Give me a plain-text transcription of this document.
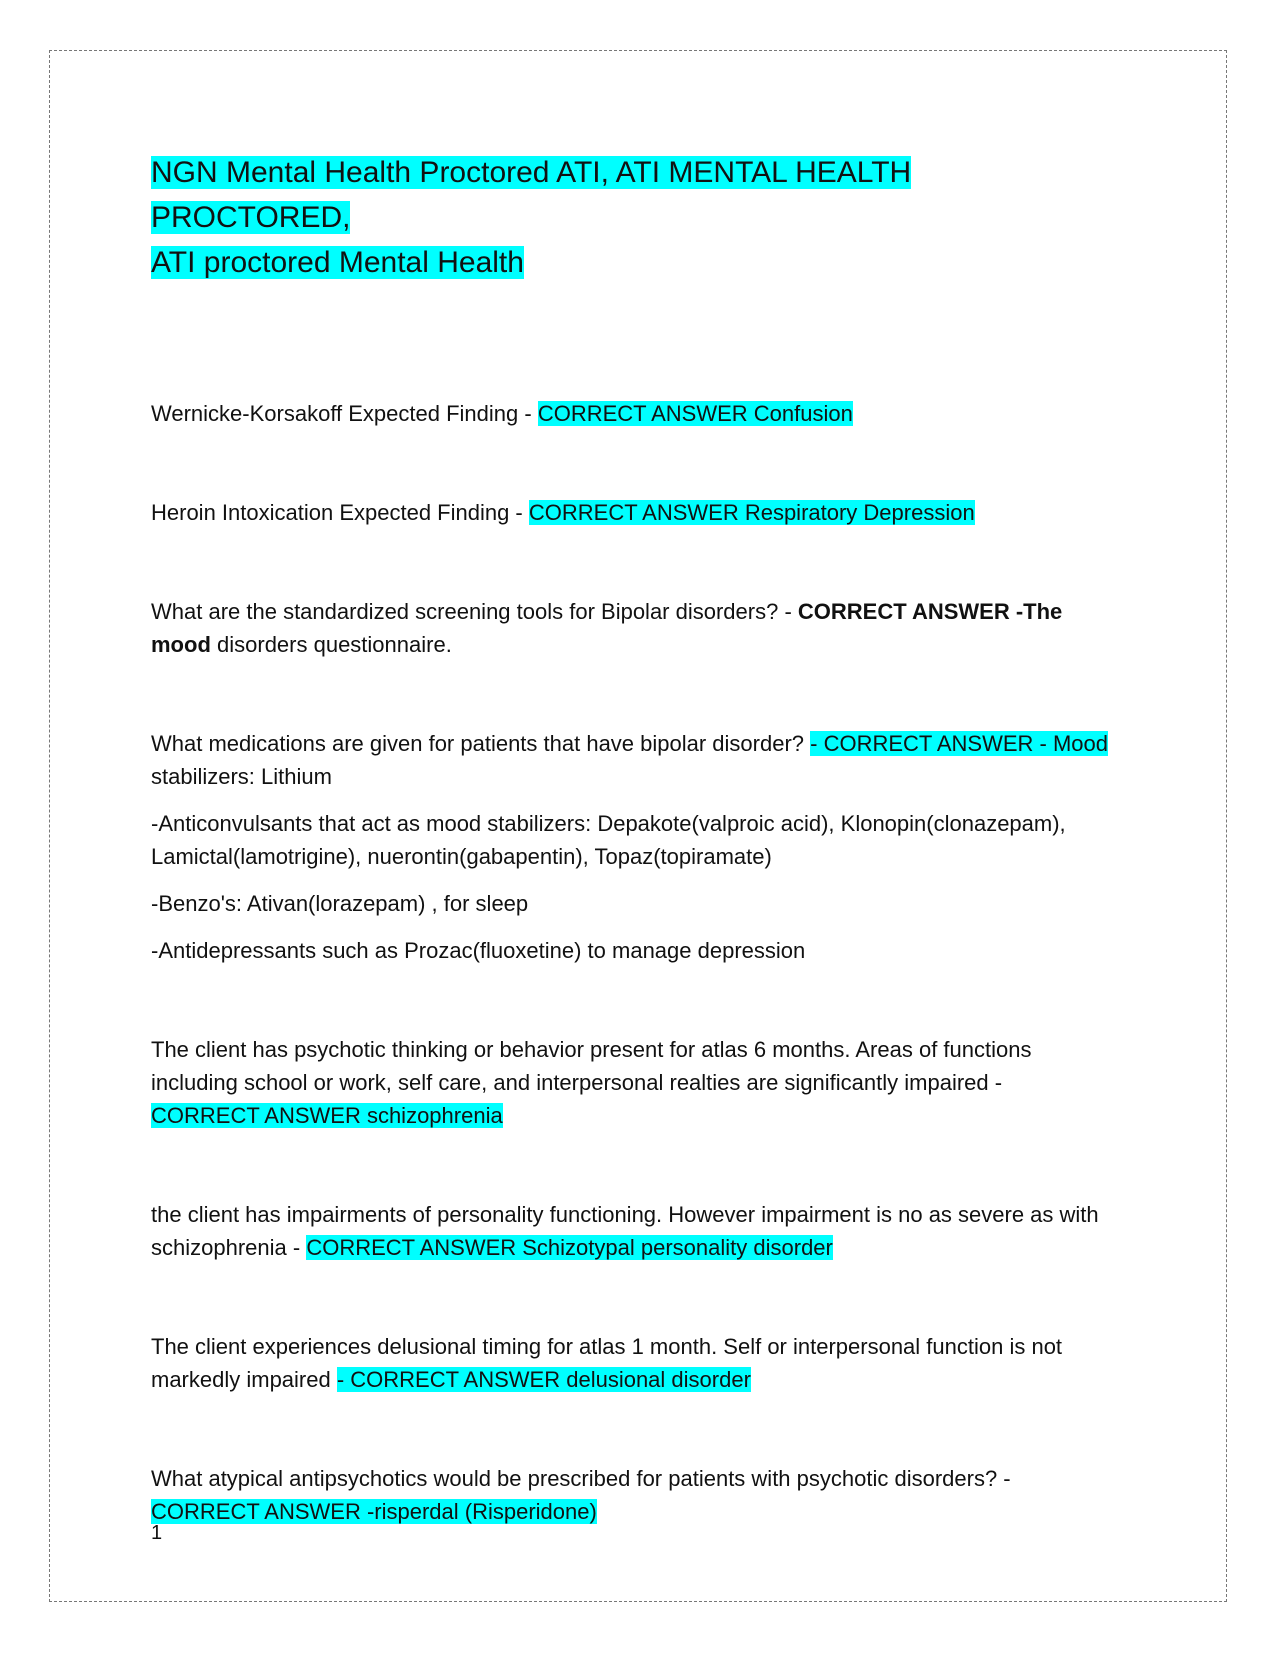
NGN Mental Health Proctored ATI, ATI MENTAL HEALTH PROCTORED,
ATI proctored Mental Health

Wernicke-Korsakoff Expected Finding - CORRECT ANSWER Confusion

Heroin Intoxication Expected Finding - CORRECT ANSWER Respiratory Depression

What are the standardized screening tools for Bipolar disorders? - CORRECT ANSWER -The mood disorders questionnaire.

What medications are given for patients that have bipolar disorder? - CORRECT ANSWER - Mood stabilizers: Lithium

-Anticonvulsants that act as mood stabilizers: Depakote(valproic acid), Klonopin(clonazepam), Lamictal(lamotrigine), nuerontin(gabapentin), Topaz(topiramate)

-Benzo's: Ativan(lorazepam) , for sleep

-Antidepressants such as Prozac(fluoxetine) to manage depression

The client has psychotic thinking or behavior present for atlas 6 months. Areas of functions including school or work, self care, and interpersonal realties are significantly impaired - CORRECT ANSWER schizophrenia

the client has impairments of personality functioning. However impairment is no as severe as with schizophrenia - CORRECT ANSWER Schizotypal personality disorder

The client experiences delusional timing for atlas 1 month. Self or interpersonal function is not markedly impaired - CORRECT ANSWER delusional disorder

What atypical antipsychotics would be prescribed for patients with psychotic disorders? - CORRECT ANSWER -risperdal (Risperidone)

1
